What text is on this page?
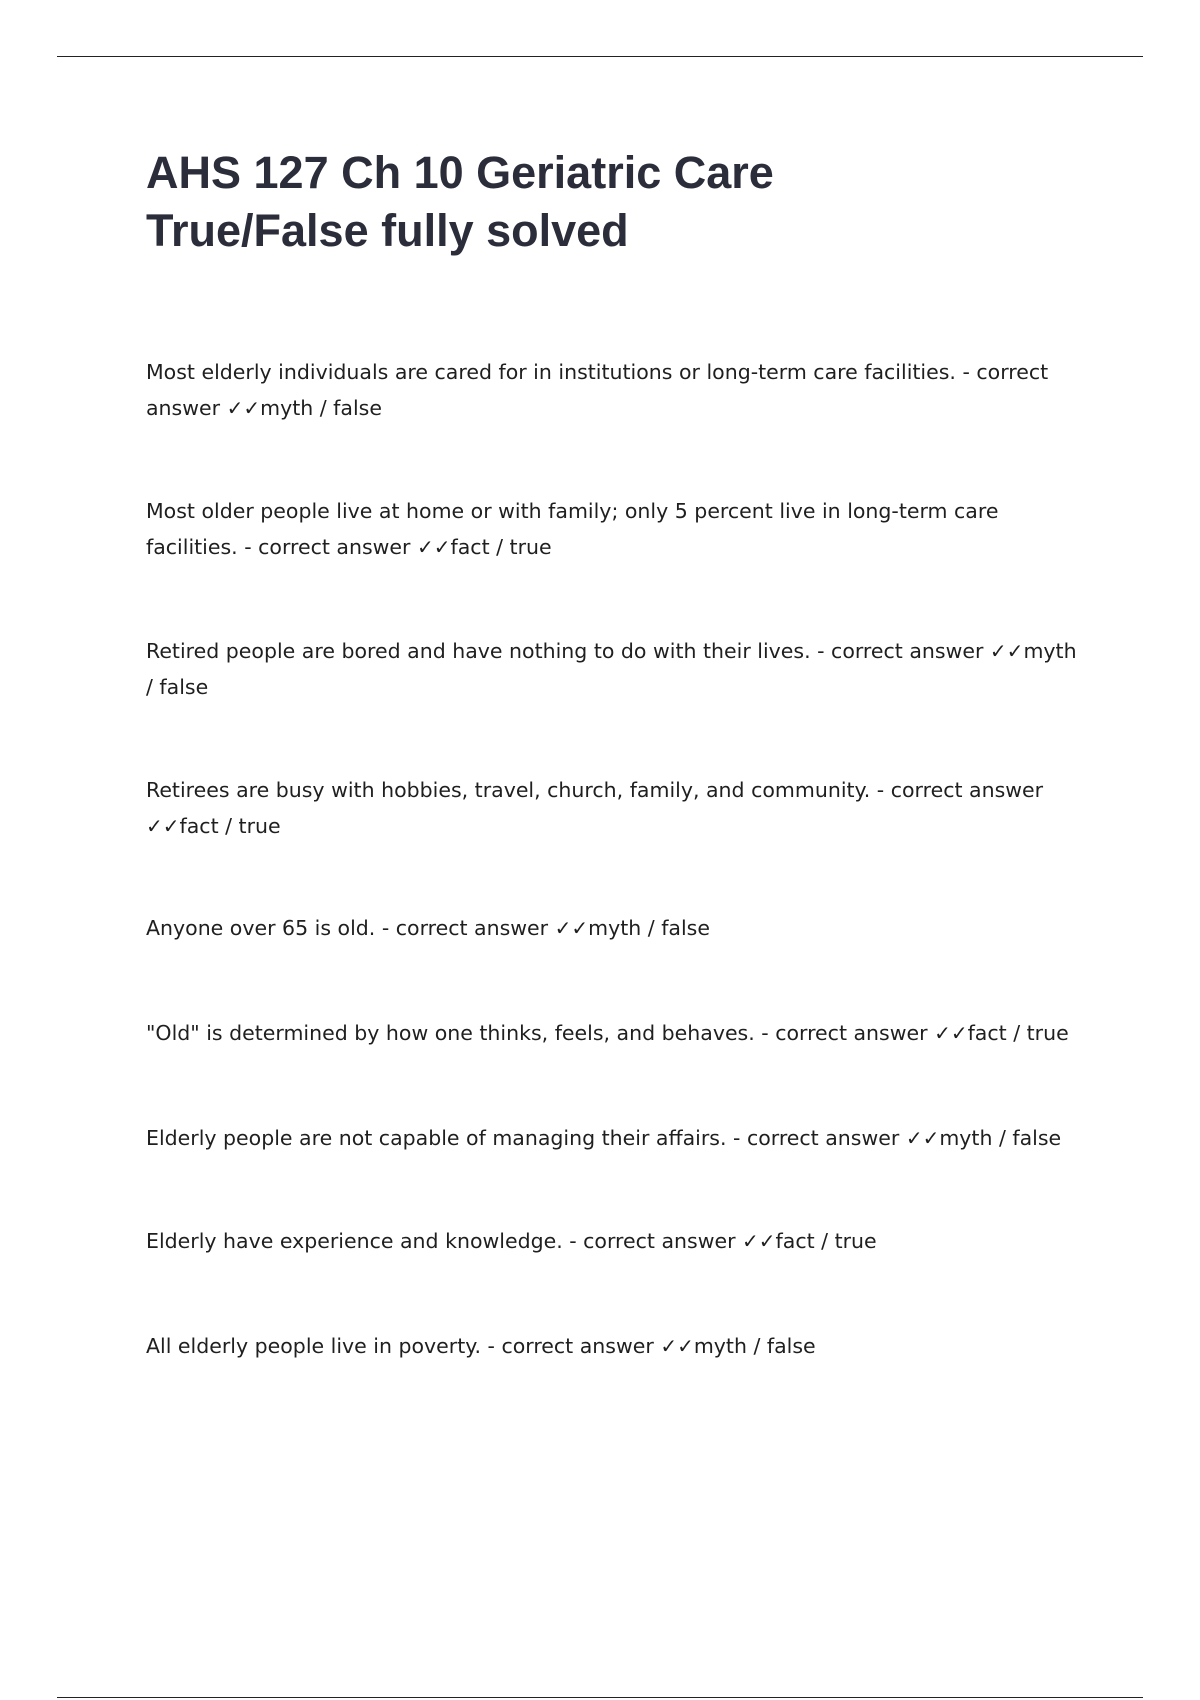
AHS 127 Ch 10 Geriatric Care
True/False fully solved

Most elderly individuals are cared for in institutions or long-term care facilities. - correct answer ✓✓myth / false

Most older people live at home or with family; only 5 percent live in long-term care facilities. - correct answer ✓✓fact / true

Retired people are bored and have nothing to do with their lives. - correct answer ✓✓myth / false

Retirees are busy with hobbies, travel, church, family, and community. - correct answer ✓✓fact / true

Anyone over 65 is old. - correct answer ✓✓myth / false

"Old" is determined by how one thinks, feels, and behaves. - correct answer ✓✓fact / true

Elderly people are not capable of managing their affairs. - correct answer ✓✓myth / false

Elderly have experience and knowledge. - correct answer ✓✓fact / true

All elderly people live in poverty. - correct answer ✓✓myth / false
